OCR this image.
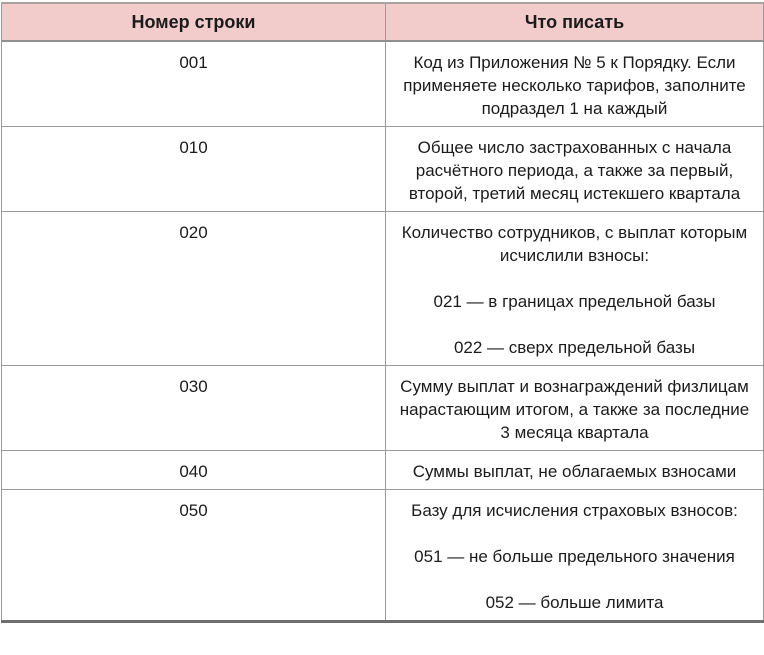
Номер строки	Что писать
001	Код из Приложения № 5 к Порядку. Если применяете несколько тарифов, заполните подраздел 1 на каждый

010	Общее число застрахованных с начала расчётного периода, а также за первый, второй, третий месяц истекшего квартала

020	Количество сотрудников, с выплат которым исчислили взносы:

021 — в границах предельной базы

022 — сверх предельной базы

030	Сумму выплат и вознаграждений физлицам нарастающим итогом, а также за последние 3 месяца квартала

040	Суммы выплат, не облагаемых взносами

050	Базу для исчисления страховых взносов:

051 — не больше предельного значения

052 — больше лимита
